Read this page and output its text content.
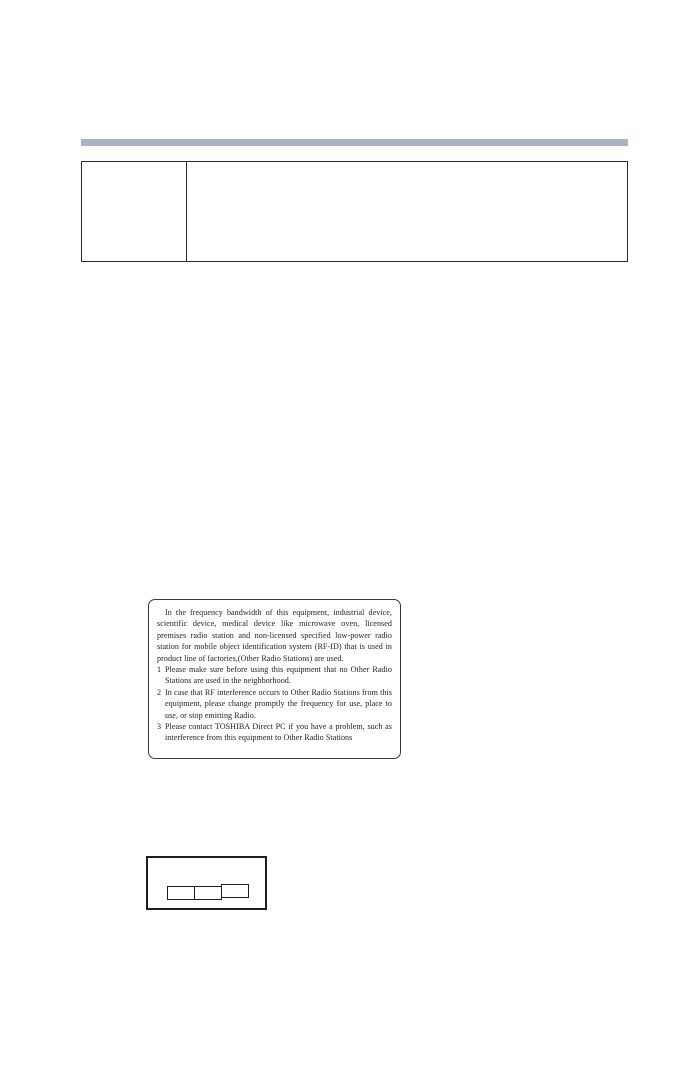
In the frequency bandwidth of this equipment, industrial device, scientific device, medical device like microwave oven, licensed premises radio station and non-licensed specified low-power radio station for mobile object identification system (RF-ID) that is used in product line of factories,(Other Radio Stations) are used.

1 Please make sure before using this equipment that no Other Radio Stations are used in the neighborhood.
2 In case that RF interference occurs to Other Radio Stations from this equipment, please change promptly the frequency for use, place to use, or stop emitting Radio.
3 Please contact TOSHIBA Direct PC if you have a problem, such as interference from this equipment to Other Radio Stations
